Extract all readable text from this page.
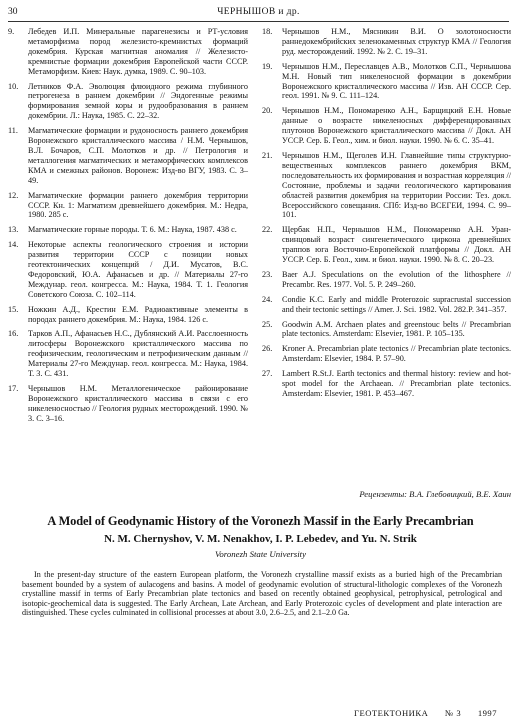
30	ЧЕРНЫШОВ и др.
9.	Лебедев И.П. Минеральные парагенезисы и РТ-условия метаморфизма пород железисто-кремнистых формаций докембрия. Курская магнитная аномалия // Железисто-кремнистые формации докембрия Европейской части СССР. Метаморфизм. Киев: Наук. думка, 1989. С. 90–103.
10.	Летников Ф.А. Эволюция флюидного режима глубинного петрогенеза в раннем докембрии // Эндогенные режимы формирования земной коры и рудообразования в раннем докембрии. Л.: Наука, 1985. С. 22–32.
11.	Магматические формации и рудоносность раннего докембрия Воронежского кристаллического массива / Н.М. Чернышов, В.Л. Бочаров, С.П. Молотков и др. // Петрология и металлогения магматических и метаморфических комплексов КМА и смежных районов. Воронеж: Изд-во ВГУ, 1983. С. 3–49.
12.	Магматические формации раннего докембрия территории СССР. Кн. 1: Магматизм древнейшего докембрия. М.: Недра, 1980. 285 с.
13.	Магматические горные породы. Т. 6. М.: Наука, 1987. 438 с.
14.	Некоторые аспекты геологического строения и истории развития территории СССР с позиции новых геотектонических концепций / Д.И. Мусатов, В.С. Федоровский, Ю.А. Афанасьев и др. // Материалы 27-го Междунар. геол. конгресса. М.: Наука, 1984. Т. 1. Геология Советского Союза. С. 102–114.
15.	Ножкин А.Д., Крестин Е.М. Радиоактивные элементы в породах раннего докембрия. М.: Наука, 1984. 126 с.
16.	Тарков А.П., Афанасьев Н.С., Дублянский А.И. Расслоенность литосферы Воронежского кристаллического массива по геофизическим, геологическим и петрофизическим данным // Материалы 27-го Междунар. геол. конгресса. М.: Наука, 1984. Т. 3. С. 431.
17.	Чернышов Н.М. Металлогеническое районирование Воронежского кристаллического массива в связи с его никеленосностью // Геология рудных месторождений. 1990. № 3. С. 3–16.
18.	Чернышов Н.М., Мясникин В.И. О золотоносности раннедокембрийских зеленокаменных структур КМА // Геология руд. месторождений. 1992. № 2. С. 19–31.
19.	Чернышов Н.М., Переславцев А.В., Молотков С.П., Чернышова М.Н. Новый тип никеленосной формации в докембрии Воронежского кристаллического массива // Изв. АН СССР. Сер. геол. 1991. № 9. С. 111–124.
20.	Чернышов Н.М., Пономаренко А.Н., Барщицкий Е.Н. Новые данные о возрасте никеленосных дифференцированных плутонов Воронежского кристаллического массива // Докл. АН УССР. Сер. Б. Геол., хим. и биол. науки. 1990. № 6. С. 35–41.
21.	Чернышов Н.М., Щеголев И.Н. Главнейшие типы структурно-вещественных комплексов раннего докембрия ВКМ, последовательность их формирования и возрастная корреляция // Состояние, проблемы и задачи геологического картирования областей развития докембрия на территории России: Тез. докл. Всероссийского совещания. СПб: Изд-во ВСЕГЕИ, 1994. С. 99–101.
22.	Щербак Н.П., Чернышов Н.М., Пономаренко А.Н. Уран-свинцовый возраст сингенетического циркона древнейших траппов юга Восточно-Европейской платформы // Докл. АН УССР. Сер. Б. Геол., хим. и биол. науки. 1990. № 8. С. 20–23.
23.	Baer A.J. Speculations on the evolution of the lithosphere // Precambr. Res. 1977. Vol. 5. P. 249–260.
24.	Condie K.C. Early and middle Proterozoic supracrustal succession and their tectonic settings // Amer. J. Sci. 1982. Vol. 282.P. 341–357.
25.	Goodwin A.M. Archaen plates and greenstouc belts // Precambrian plate tectonics. Amsterdam: Elsevier, 1981. P. 105–135.
26.	Kroner A. Precambrian plate tectonics // Precambrian plate tectonics. Amsterdam: Elsevier, 1984. P. 57–90.
27.	Lambert R.St.J. Earth tectonics and thermal history: review and hot-spot model for the Archaean. // Precambrian plate tectonics. Amsterdam: Elsevier, 1981. P. 453–467.
Рецензенты: В.А. Глебовицкий, В.Е. Хаин
A Model of Geodynamic History of the Voronezh Massif in the Early Precambrian
N. M. Chernyshov, V. M. Nenakhov, I. P. Lebedev, and Yu. N. Strik
Voronezh State University
In the present-day structure of the eastern European platform, the Voronezh crystalline massif exists as a buried high of the Precambrian basement bounded by a system of aulacogens and basins. A model of geodynamic evolution of structural-lithologic complexes of the Voronezh crystalline massif in terms of Early Precambrian plate tectonics and based on recently obtained geophysical, petrophysical, petrological and isotopic-geochemical data is suggested. The Early Archean, Late Archean, and Early Proterozoic cycles of development and plate interaction are distinguished. These cycles culminated in collisional processes at about 3.0, 2.6–2.5, and 2.1–2.0 Ga.
ГЕОТЕКТОНИКА № 3 1997
